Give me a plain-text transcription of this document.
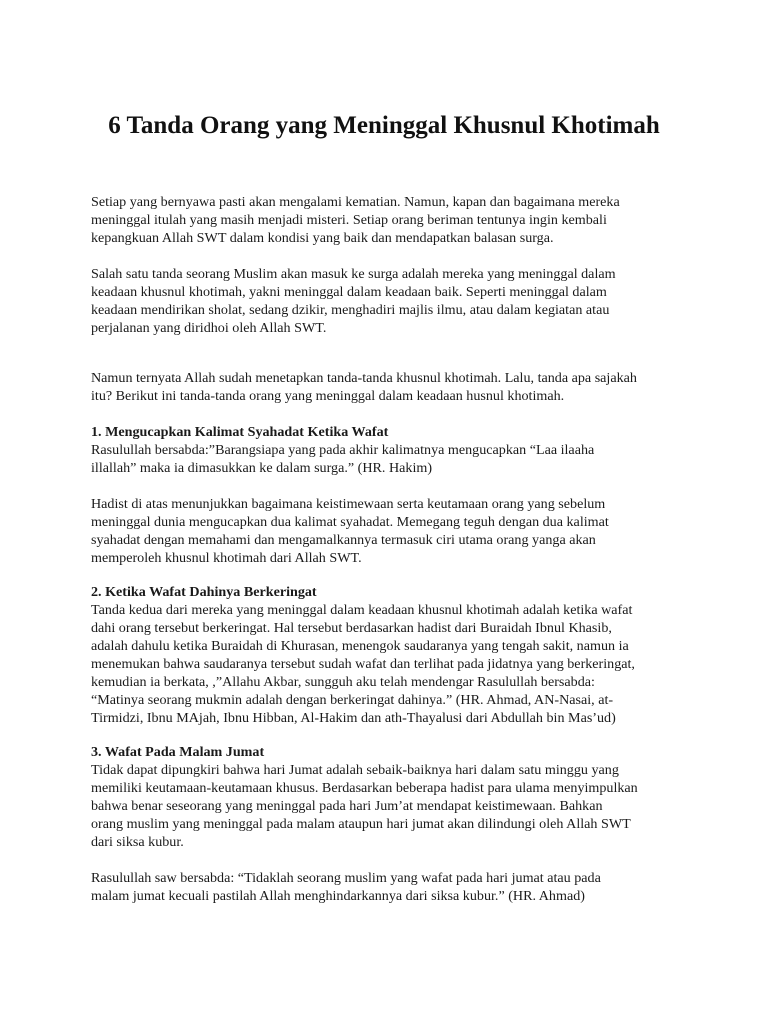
6 Tanda Orang yang Meninggal Khusnul Khotimah
Setiap yang bernyawa pasti akan mengalami kematian. Namun, kapan dan bagaimana mereka
meninggal itulah yang masih menjadi misteri. Setiap orang beriman tentunya ingin kembali
kepangkuan Allah SWT dalam kondisi yang baik dan mendapatkan balasan surga.
Salah satu tanda seorang Muslim akan masuk ke surga adalah mereka yang meninggal dalam
keadaan khusnul khotimah, yakni meninggal dalam keadaan baik. Seperti meninggal dalam
keadaan mendirikan sholat, sedang dzikir, menghadiri majlis ilmu, atau dalam kegiatan atau
perjalanan yang diridhoi oleh Allah SWT.
Namun ternyata Allah sudah menetapkan tanda-tanda khusnul khotimah. Lalu, tanda apa sajakah
itu? Berikut ini tanda-tanda orang yang meninggal dalam keadaan husnul khotimah.
1. Mengucapkan Kalimat Syahadat Ketika Wafat
Rasulullah bersabda:”Barangsiapa yang pada akhir kalimatnya mengucapkan “Laa ilaaha
illallah” maka ia dimasukkan ke dalam surga.” (HR. Hakim)
Hadist di atas menunjukkan bagaimana keistimewaan serta keutamaan orang yang sebelum
meninggal dunia mengucapkan dua kalimat syahadat. Memegang teguh dengan dua kalimat
syahadat dengan memahami dan mengamalkannya termasuk ciri utama orang yanga akan
memperoleh khusnul khotimah dari Allah SWT.
2. Ketika Wafat Dahinya Berkeringat
Tanda kedua dari mereka yang meninggal dalam keadaan khusnul khotimah adalah ketika wafat
dahi orang tersebut berkeringat. Hal tersebut berdasarkan hadist dari Buraidah Ibnul Khasib,
adalah dahulu ketika Buraidah di Khurasan, menengok saudaranya yang tengah sakit, namun ia
menemukan bahwa saudaranya tersebut sudah wafat dan terlihat pada jidatnya yang berkeringat,
kemudian ia berkata, ,”Allahu Akbar, sungguh aku telah mendengar Rasulullah bersabda:
“Matinya seorang mukmin adalah dengan berkeringat dahinya.” (HR. Ahmad, AN-Nasai, at-
Tirmidzi, Ibnu MAjah, Ibnu Hibban, Al-Hakim dan ath-Thayalusi dari Abdullah bin Mas’ud)
3. Wafat Pada Malam Jumat
Tidak dapat dipungkiri bahwa hari Jumat adalah sebaik-baiknya hari dalam satu minggu yang
memiliki keutamaan-keutamaan khusus. Berdasarkan beberapa hadist para ulama menyimpulkan
bahwa benar seseorang yang meninggal pada hari Jum’at mendapat keistimewaan. Bahkan
orang muslim yang meninggal pada malam ataupun hari jumat akan dilindungi oleh Allah SWT
dari siksa kubur.
Rasulullah saw bersabda: “Tidaklah seorang muslim yang wafat pada hari jumat atau pada
malam jumat kecuali pastilah Allah menghindarkannya dari siksa kubur.” (HR. Ahmad)
